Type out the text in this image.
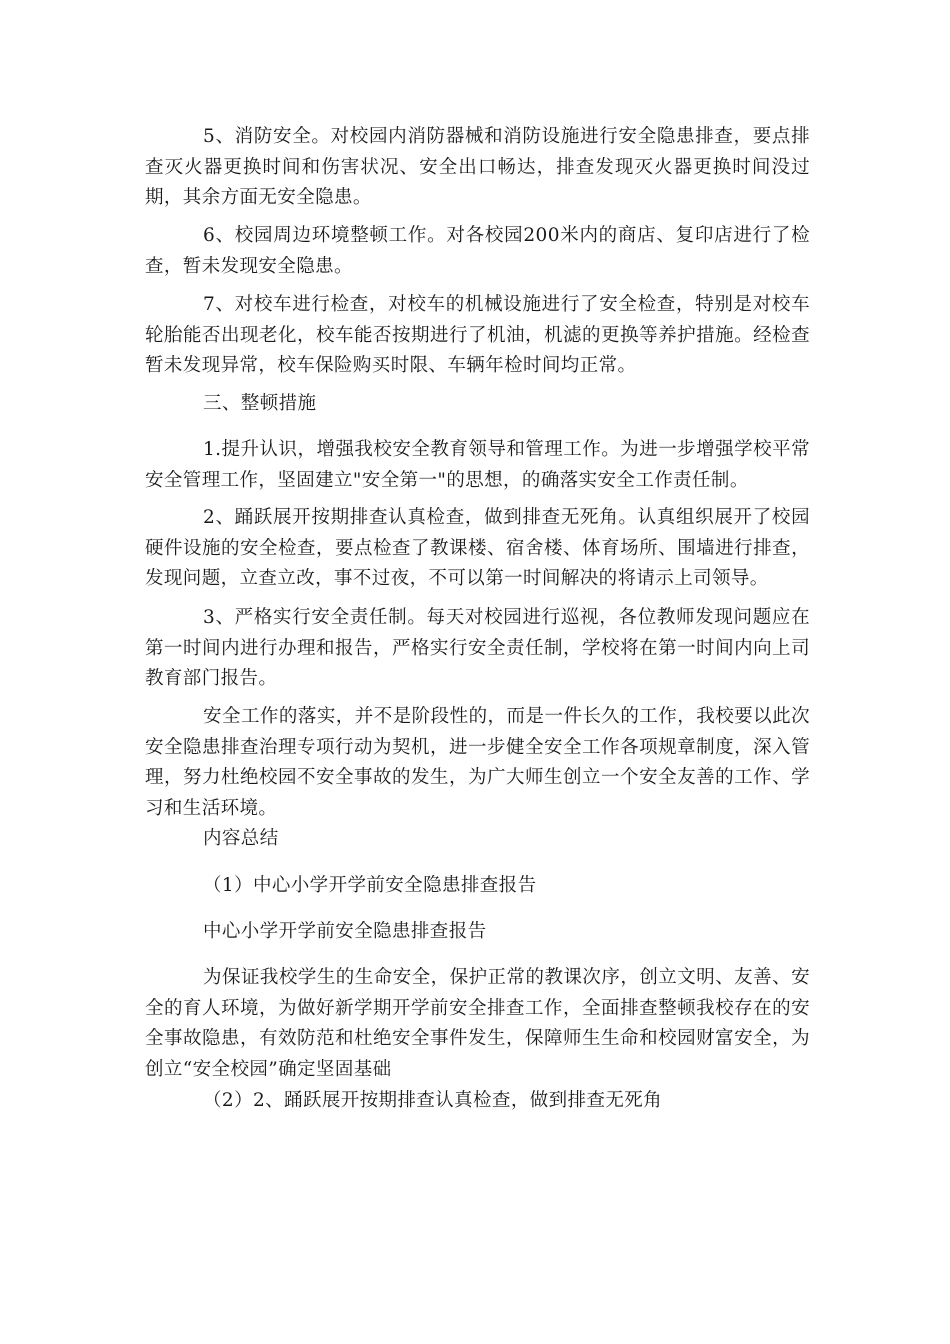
5、消防安全。对校园内消防器械和消防设施进行安全隐患排查，要点排查灭火器更换时间和伤害状况、安全出口畅达，排查发现灭火器更换时间没过期，其余方面无安全隐患。

6、校园周边环境整顿工作。对各校园200米内的商店、复印店进行了检查，暂未发现安全隐患。

7、对校车进行检查，对校车的机械设施进行了安全检查，特别是对校车轮胎能否出现老化，校车能否按期进行了机油，机滤的更换等养护措施。经检查暂未发现异常，校车保险购买时限、车辆年检时间均正常。

三、整顿措施

1.提升认识，增强我校安全教育领导和管理工作。为进一步增强学校平常安全管理工作，坚固建立"安全第一"的思想，的确落实安全工作责任制。

2、踊跃展开按期排查认真检查，做到排查无死角。认真组织展开了校园硬件设施的安全检查，要点检查了教课楼、宿舍楼、体育场所、围墙进行排查，发现问题，立查立改，事不过夜，不可以第一时间解决的将请示上司领导。

3、严格实行安全责任制。每天对校园进行巡视，各位教师发现问题应在第一时间内进行办理和报告，严格实行安全责任制，学校将在第一时间内向上司教育部门报告。

安全工作的落实，并不是阶段性的，而是一件长久的工作，我校要以此次安全隐患排查治理专项行动为契机，进一步健全安全工作各项规章制度，深入管理，努力杜绝校园不安全事故的发生，为广大师生创立一个安全友善的工作、学习和生活环境。

内容总结

（1）中心小学开学前安全隐患排查报告

中心小学开学前安全隐患排查报告

为保证我校学生的生命安全，保护正常的教课次序，创立文明、友善、安全的育人环境，为做好新学期开学前安全排查工作，全面排查整顿我校存在的安全事故隐患，有效防范和杜绝安全事件发生，保障师生生命和校园财富安全，为创立“安全校园”确定坚固基础

（2）2、踊跃展开按期排查认真检查，做到排查无死角
